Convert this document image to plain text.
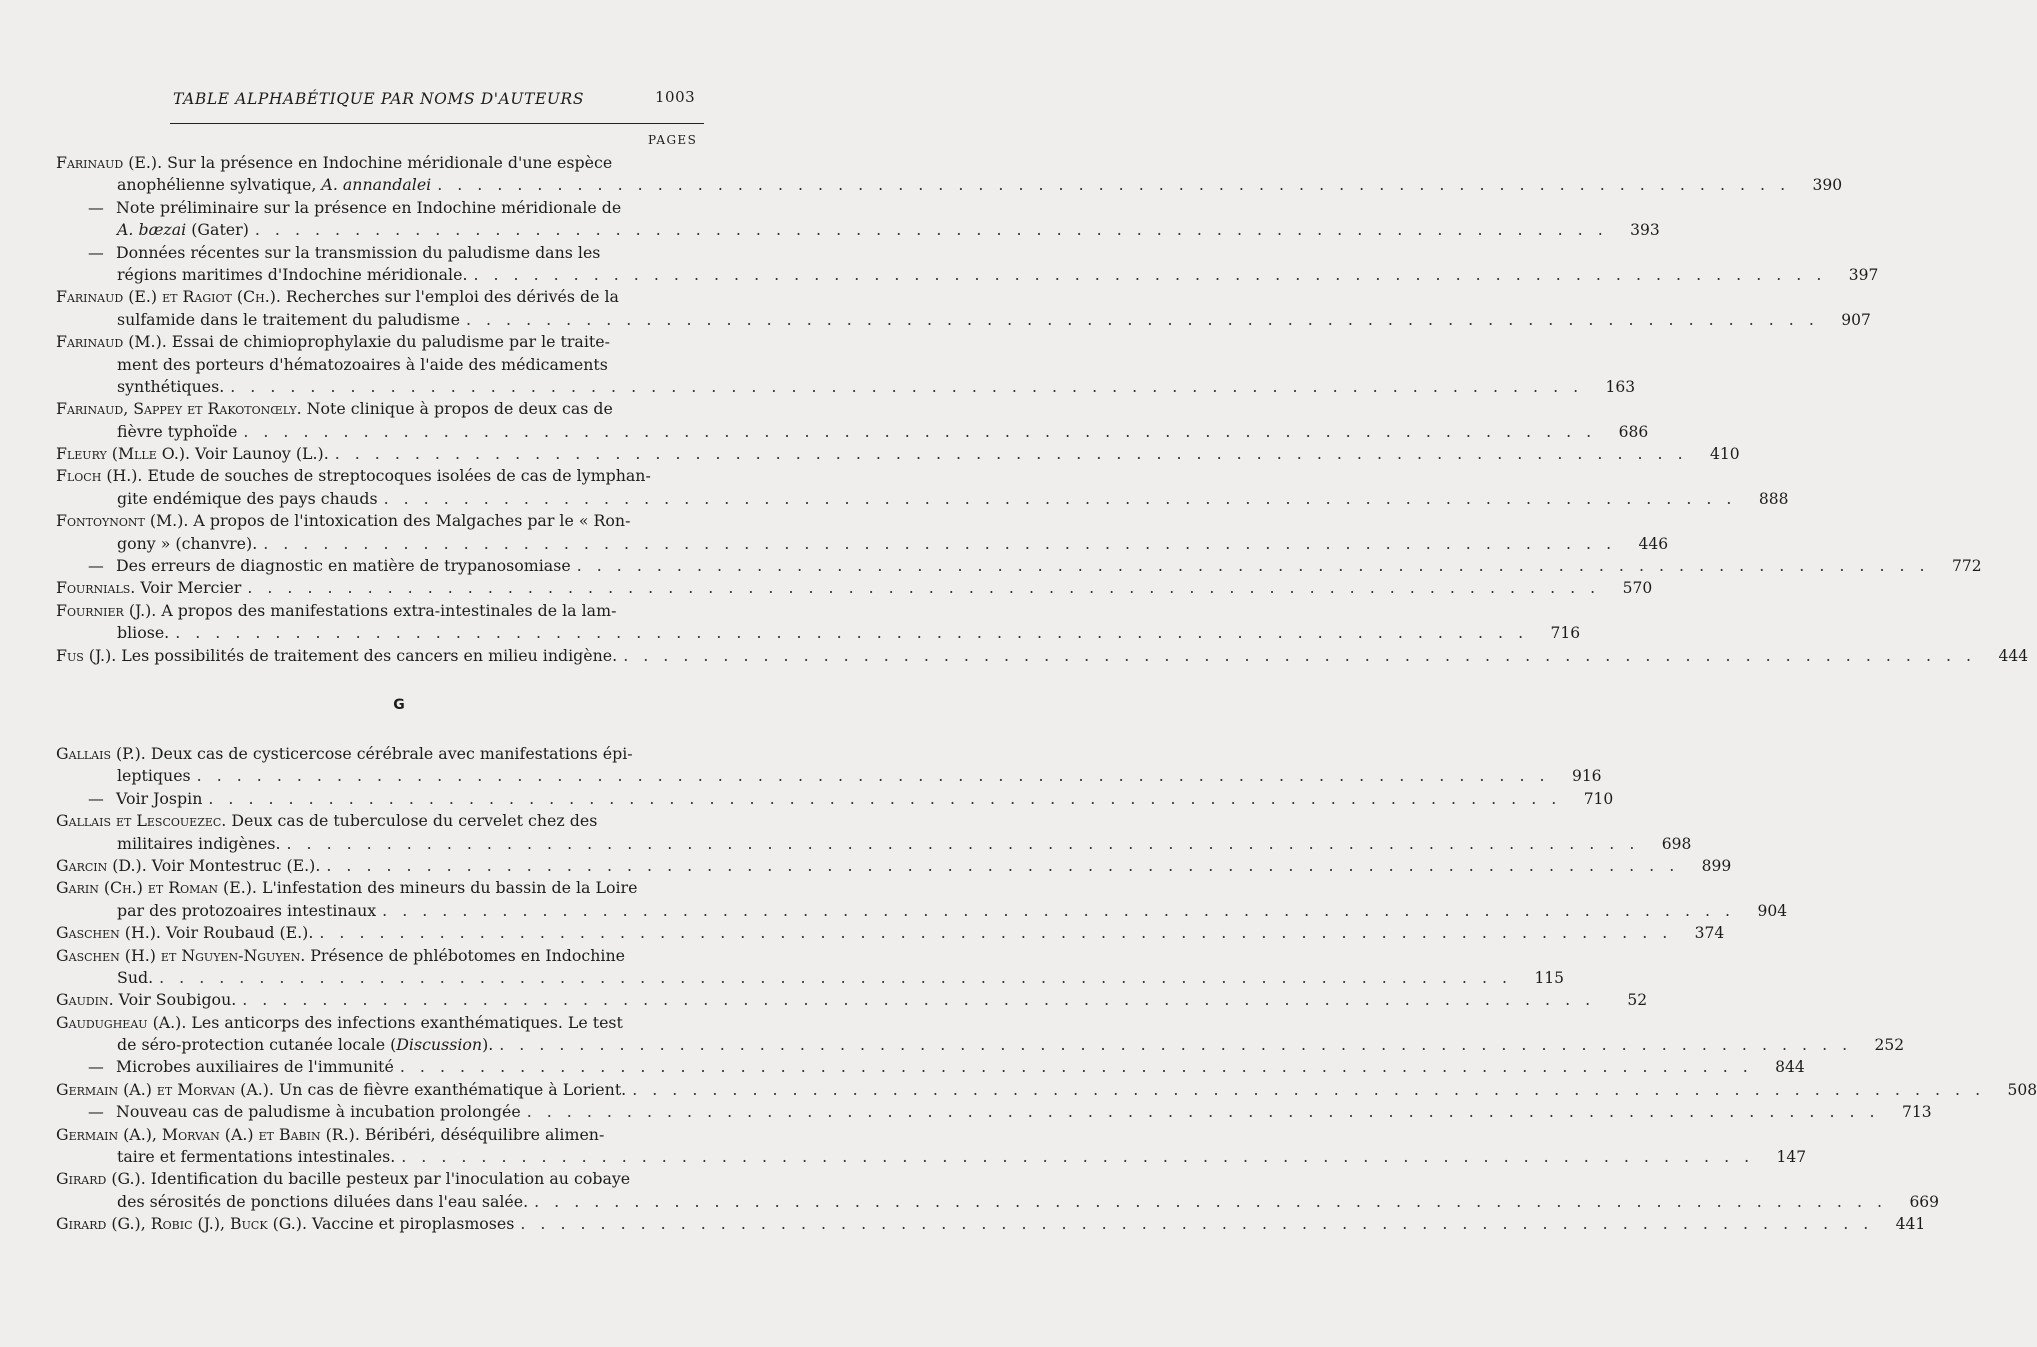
TABLE ALPHABÉTIQUE PAR NOMS D'AUTEURS	1003
PAGES
Farinaud (E.). Sur la présence en Indochine méridionale d'une espèce
anophélienne sylvatique, A. annandalei . . . . . . . . . . . . . . . . . . . . . . . . . . . . . . . . . . . . . . . . . . . . . . . . . . . . . . . . . . . . . . . . . . . .	390
— Note préliminaire sur la présence en Indochine méridionale de
A. bæzai (Gater) . . . . . . . . . . . . . . . . . . . . . . . . . . . . . . . . . . . . . . . . . . . . . . . . . . . . . . . . . . . . . . . . . . . .	393
— Données récentes sur la transmission du paludisme dans les
régions maritimes d'Indochine méridionale. . . . . . . . . . . . . . . . . . . . . . . . . . . . . . . . . . . . . . . . . . . . . . . . . . . . . . . . . . . . . . . . . . . . .	397
Farinaud (E.) et Ragiot (Ch.). Recherches sur l'emploi des dérivés de la
sulfamide dans le traitement du paludisme . . . . . . . . . . . . . . . . . . . . . . . . . . . . . . . . . . . . . . . . . . . . . . . . . . . . . . . . . . . . . . . . . . . .	907
Farinaud (M.). Essai de chimioprophylaxie du paludisme par le traite-
ment des porteurs d'hématozoaires à l'aide des médicaments
synthétiques. . . . . . . . . . . . . . . . . . . . . . . . . . . . . . . . . . . . . . . . . . . . . . . . . . . . . . . . . . . . . . . . . . . . .	163
Farinaud, Sappey et Rakotonœly. Note clinique à propos de deux cas de
fièvre typhoïde . . . . . . . . . . . . . . . . . . . . . . . . . . . . . . . . . . . . . . . . . . . . . . . . . . . . . . . . . . . . . . . . . . . .	686
Fleury (Mlle O.). Voir Launoy (L.). . . . . . . . . . . . . . . . . . . . . . . . . . . . . . . . . . . . . . . . . . . . . . . . . . . . . . . . . . . . . . . . . . . . .	410
Floch (H.). Etude de souches de streptocoques isolées de cas de lymphan-
gite endémique des pays chauds . . . . . . . . . . . . . . . . . . . . . . . . . . . . . . . . . . . . . . . . . . . . . . . . . . . . . . . . . . . . . . . . . . . .	888
Fontoynont (M.). A propos de l'intoxication des Malgaches par le « Ron-
gony » (chanvre). . . . . . . . . . . . . . . . . . . . . . . . . . . . . . . . . . . . . . . . . . . . . . . . . . . . . . . . . . . . . . . . . . . . .	446
— Des erreurs de diagnostic en matière de trypanosomiase . . . . . . . . . . . . . . . . . . . . . . . . . . . . . . . . . . . . . . . . . . . . . . . . . . . . . . . . . . . . . . . . . . . .	772
Fournials. Voir Mercier . . . . . . . . . . . . . . . . . . . . . . . . . . . . . . . . . . . . . . . . . . . . . . . . . . . . . . . . . . . . . . . . . . . .	570
Fournier (J.). A propos des manifestations extra-intestinales de la lam-
bliose. . . . . . . . . . . . . . . . . . . . . . . . . . . . . . . . . . . . . . . . . . . . . . . . . . . . . . . . . . . . . . . . . . . . .	716
Fus (J.). Les possibilités de traitement des cancers en milieu indigène. . . . . . . . . . . . . . . . . . . . . . . . . . . . . . . . . . . . . . . . . . . . . . . . . . . . . . . . . . . . . . . . . . . . .	444
G
Gallais (P.). Deux cas de cysticercose cérébrale avec manifestations épi-
leptiques . . . . . . . . . . . . . . . . . . . . . . . . . . . . . . . . . . . . . . . . . . . . . . . . . . . . . . . . . . . . . . . . . . . .	916
— Voir Jospin . . . . . . . . . . . . . . . . . . . . . . . . . . . . . . . . . . . . . . . . . . . . . . . . . . . . . . . . . . . . . . . . . . . .	710
Gallais et Lescouezec. Deux cas de tuberculose du cervelet chez des
militaires indigènes. . . . . . . . . . . . . . . . . . . . . . . . . . . . . . . . . . . . . . . . . . . . . . . . . . . . . . . . . . . . . . . . . . . . .	698
Garcin (D.). Voir Montestruc (E.). . . . . . . . . . . . . . . . . . . . . . . . . . . . . . . . . . . . . . . . . . . . . . . . . . . . . . . . . . . . . . . . . . . . .	899
Garin (Ch.) et Roman (E.). L'infestation des mineurs du bassin de la Loire
par des protozoaires intestinaux . . . . . . . . . . . . . . . . . . . . . . . . . . . . . . . . . . . . . . . . . . . . . . . . . . . . . . . . . . . . . . . . . . . .	904
Gaschen (H.). Voir Roubaud (E.). . . . . . . . . . . . . . . . . . . . . . . . . . . . . . . . . . . . . . . . . . . . . . . . . . . . . . . . . . . . . . . . . . . . .	374
Gaschen (H.) et Nguyen-Nguyen. Présence de phlébotomes en Indochine
Sud. . . . . . . . . . . . . . . . . . . . . . . . . . . . . . . . . . . . . . . . . . . . . . . . . . . . . . . . . . . . . . . . . . . . .	115
Gaudin. Voir Soubigou. . . . . . . . . . . . . . . . . . . . . . . . . . . . . . . . . . . . . . . . . . . . . . . . . . . . . . . . . . . . . . . . . . . . .	52
Gaudugheau (A.). Les anticorps des infections exanthématiques. Le test
de séro-protection cutanée locale (Discussion). . . . . . . . . . . . . . . . . . . . . . . . . . . . . . . . . . . . . . . . . . . . . . . . . . . . . . . . . . . . . . . . . . . . .	252
— Microbes auxiliaires de l'immunité . . . . . . . . . . . . . . . . . . . . . . . . . . . . . . . . . . . . . . . . . . . . . . . . . . . . . . . . . . . . . . . . . . . .	844
Germain (A.) et Morvan (A.). Un cas de fièvre exanthématique à Lorient. . . . . . . . . . . . . . . . . . . . . . . . . . . . . . . . . . . . . . . . . . . . . . . . . . . . . . . . . . . . . . . . . . . . .	508
— Nouveau cas de paludisme à incubation prolongée . . . . . . . . . . . . . . . . . . . . . . . . . . . . . . . . . . . . . . . . . . . . . . . . . . . . . . . . . . . . . . . . . . . .	713
Germain (A.), Morvan (A.) et Babin (R.). Béribéri, déséquilibre alimen-
taire et fermentations intestinales. . . . . . . . . . . . . . . . . . . . . . . . . . . . . . . . . . . . . . . . . . . . . . . . . . . . . . . . . . . . . . . . . . . . .	147
Girard (G.). Identification du bacille pesteux par l'inoculation au cobaye
des sérosités de ponctions diluées dans l'eau salée. . . . . . . . . . . . . . . . . . . . . . . . . . . . . . . . . . . . . . . . . . . . . . . . . . . . . . . . . . . . . . . . . . . . .	669
Girard (G.), Robic (J.), Buck (G.). Vaccine et piroplasmoses . . . . . . . . . . . . . . . . . . . . . . . . . . . . . . . . . . . . . . . . . . . . . . . . . . . . . . . . . . . . . . . . . . . .	441
